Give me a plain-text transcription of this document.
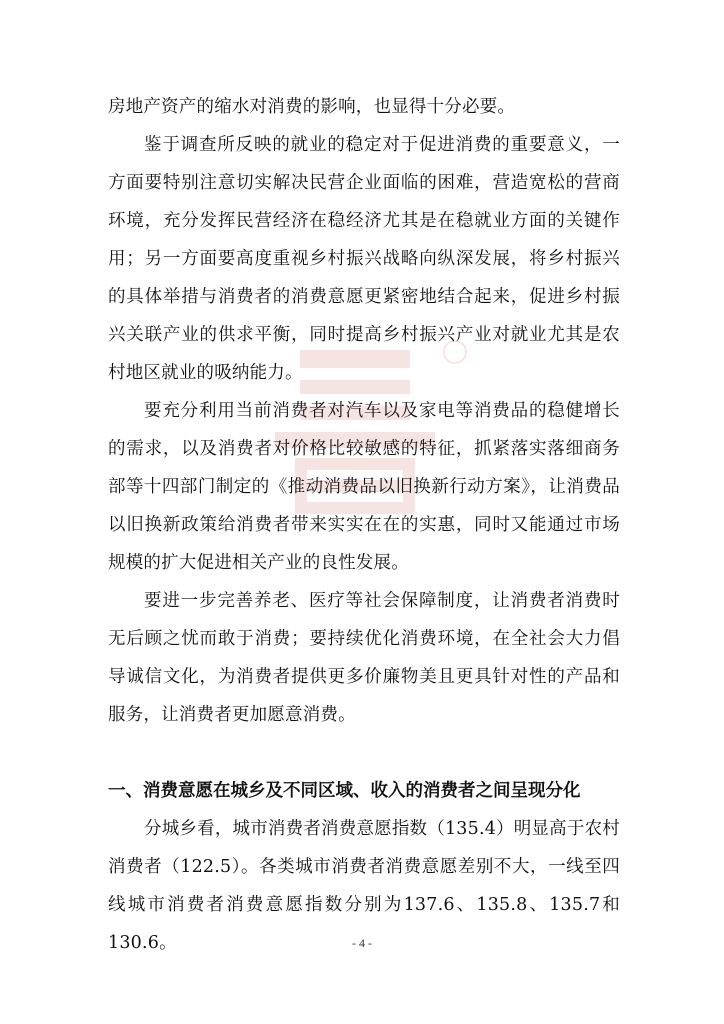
房地产资产的缩水对消费的影响，也显得十分必要。

鉴于调查所反映的就业的稳定对于促进消费的重要意义，一方面要特别注意切实解决民营企业面临的困难，营造宽松的营商环境，充分发挥民营经济在稳经济尤其是在稳就业方面的关键作用；另一方面要高度重视乡村振兴战略向纵深发展，将乡村振兴的具体举措与消费者的消费意愿更紧密地结合起来，促进乡村振兴关联产业的供求平衡，同时提高乡村振兴产业对就业尤其是农村地区就业的吸纳能力。

要充分利用当前消费者对汽车以及家电等消费品的稳健增长的需求，以及消费者对价格比较敏感的特征，抓紧落实落细商务部等十四部门制定的《推动消费品以旧换新行动方案》，让消费品以旧换新政策给消费者带来实实在在的实惠，同时又能通过市场规模的扩大促进相关产业的良性发展。

要进一步完善养老、医疗等社会保障制度，让消费者消费时无后顾之忧而敢于消费；要持续优化消费环境，在全社会大力倡导诚信文化，为消费者提供更多价廉物美且更具针对性的产品和服务，让消费者更加愿意消费。

一、消费意愿在城乡及不同区域、收入的消费者之间呈现分化

分城乡看，城市消费者消费意愿指数（135.4）明显高于农村消费者（122.5）。各类城市消费者消费意愿差别不大，一线至四线城市消费者消费意愿指数分别为137.6、135.8、135.7和130.6。	- 4 -
